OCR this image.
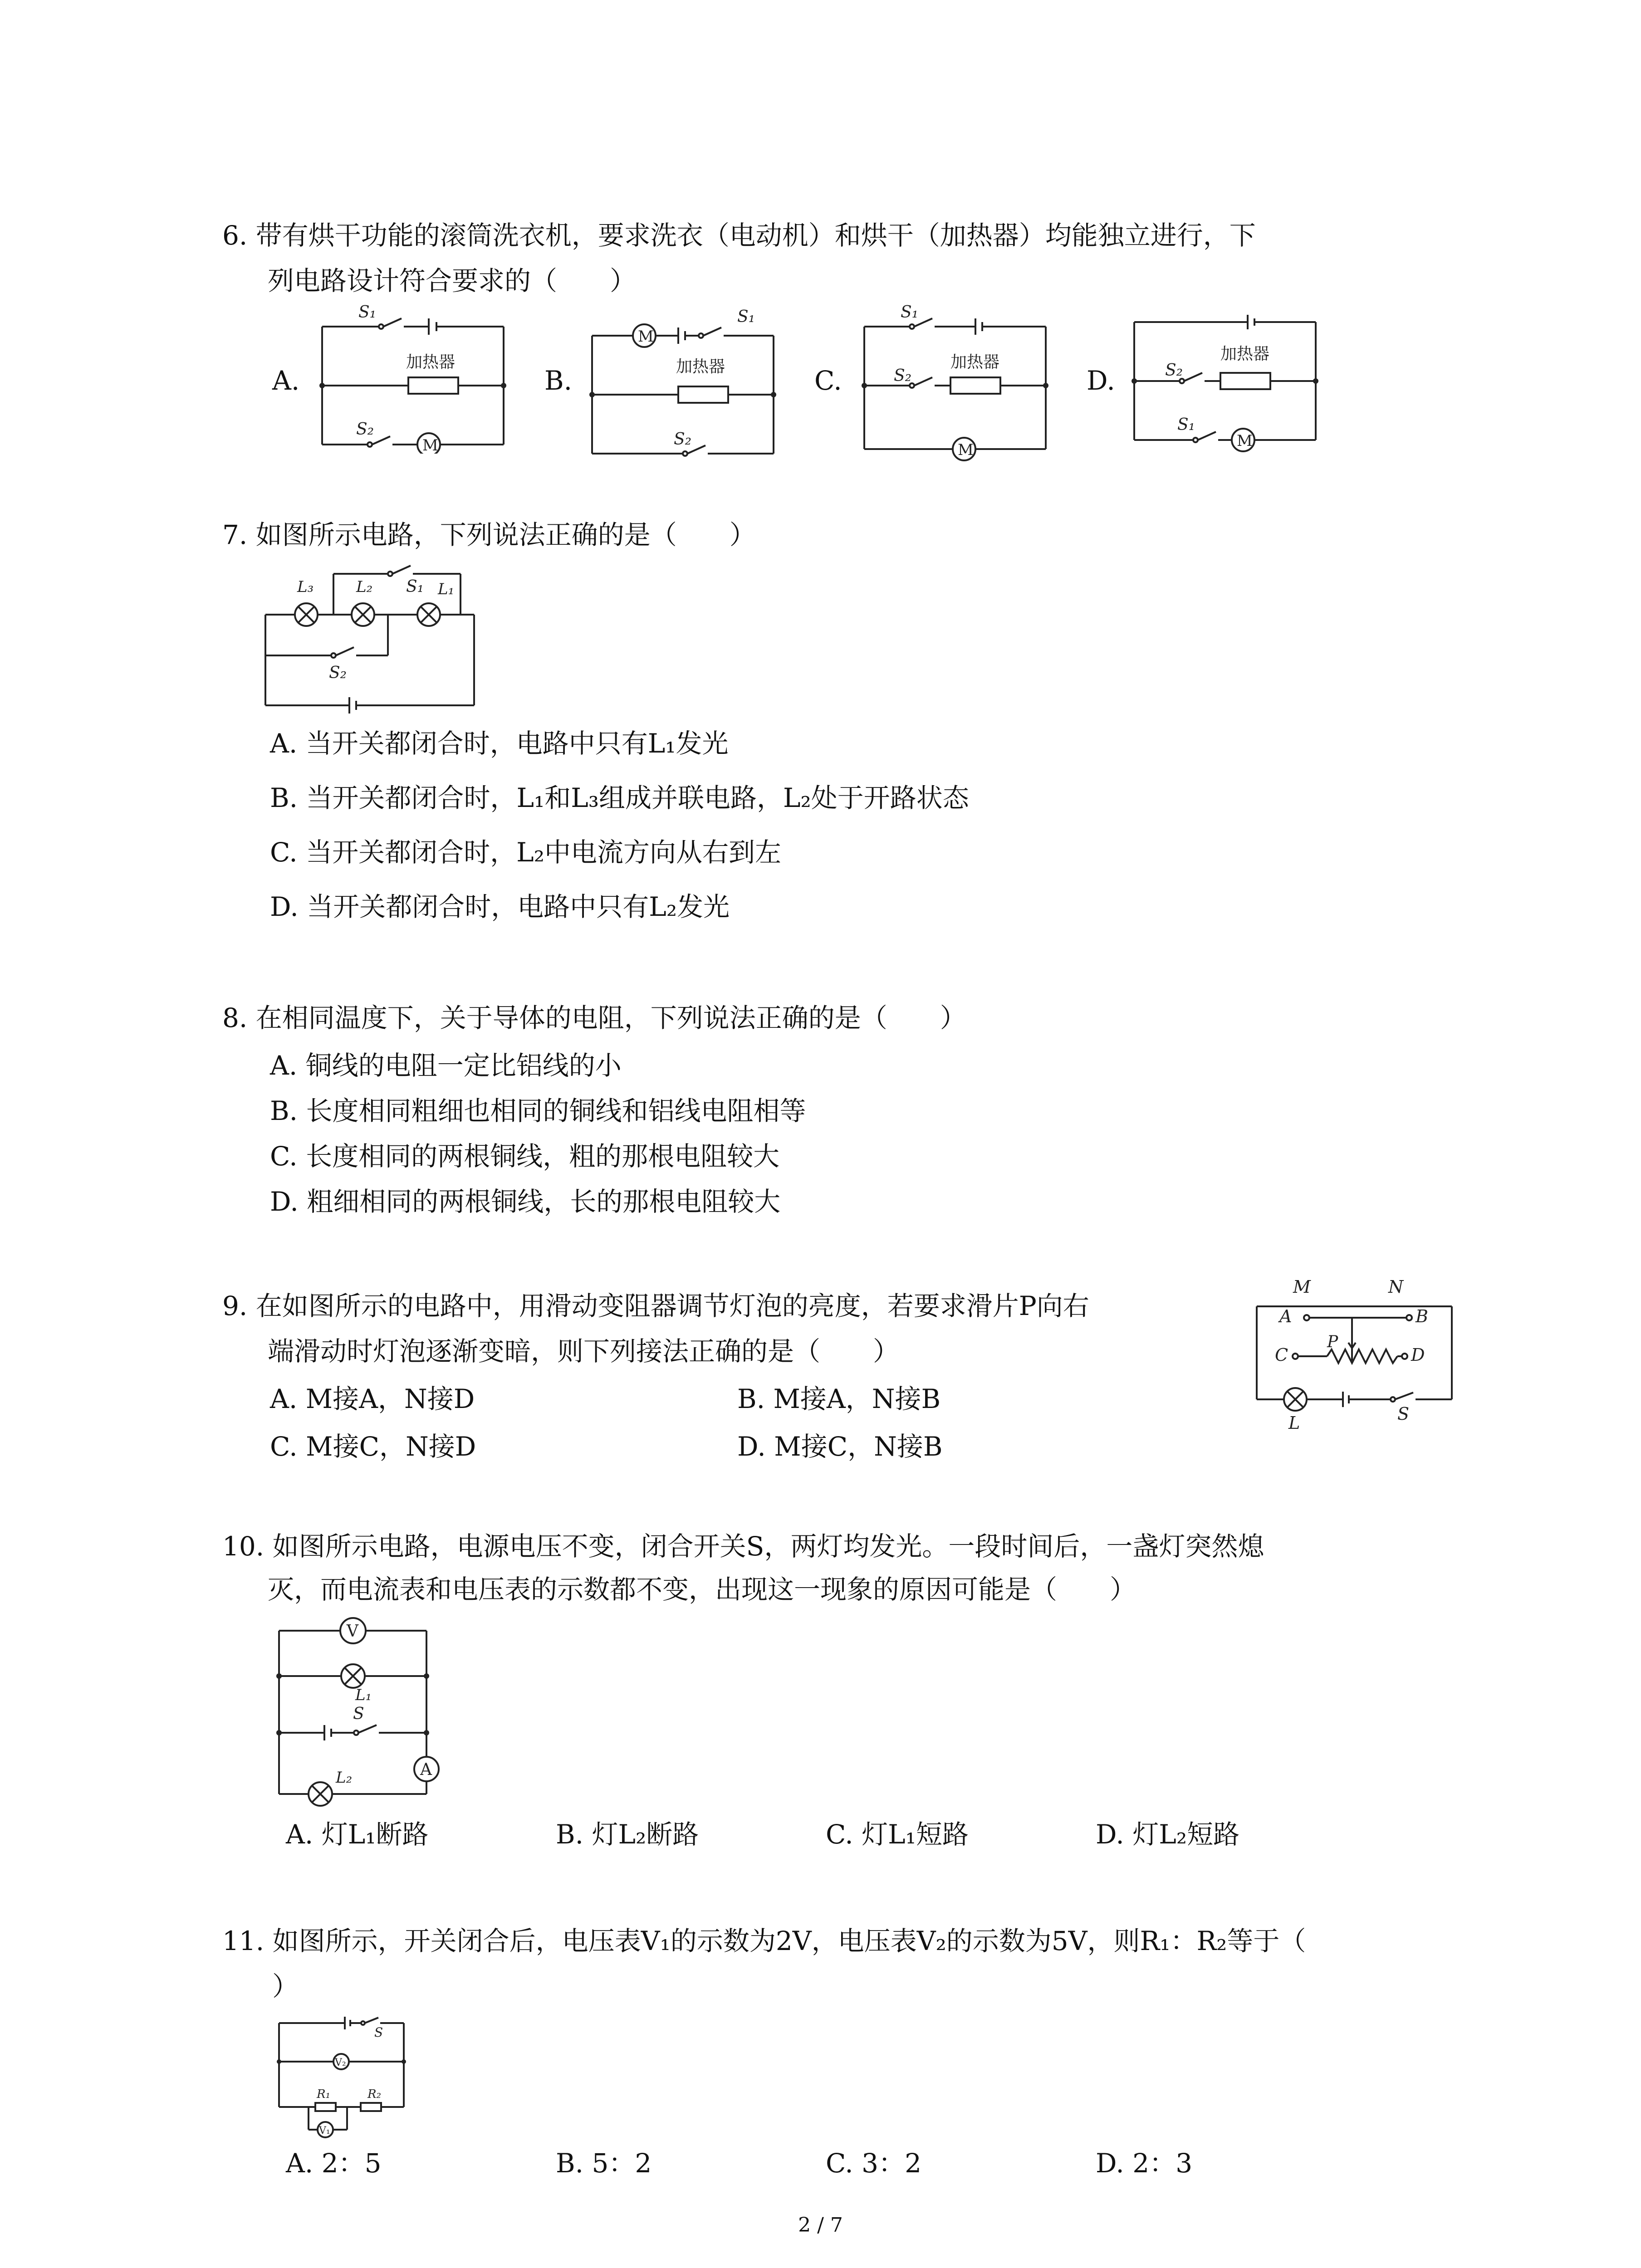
6. 带有烘干功能的滚筒洗衣机，要求洗衣（电动机）和烘干（加热器）均能独立进行，下
列电路设计符合要求的（　　）
A.
S₁
加热器
M
S₂
B.
M
S₁
加热器
S₂
C.
S₁
S₂
加热器
M
D.	S₂
加热器
M
S₁
7. 如图所示电路，下列说法正确的是（　　）
S₁
L₃	L₂	L₁
S₂
A. 当开关都闭合时，电路中只有L₁发光
B. 当开关都闭合时，L₁和L₃组成并联电路，L₂处于开路状态
C. 当开关都闭合时，L₂中电流方向从右到左
D. 当开关都闭合时，电路中只有L₂发光
8. 在相同温度下，关于导体的电阻，下列说法正确的是（　　）
A. 铜线的电阻一定比铝线的小
B. 长度相同粗细也相同的铜线和铝线电阻相等
C. 长度相同的两根铜线，粗的那根电阻较大
D. 粗细相同的两根铜线，长的那根电阻较大
9. 在如图所示的电路中，用滑动变阻器调节灯泡的亮度，若要求滑片P向右
端滑动时灯泡逐渐变暗，则下列接法正确的是（　　）
A. M接A，N接D	B. M接A，N接B
C. M接C，N接D	D. M接C，N接B
M	N
A	B
C	D
P
L	S
10. 如图所示电路，电源电压不变，闭合开关S，两灯均发光。一段时间后，一盏灯突然熄
灭，而电流表和电压表的示数都不变，出现这一现象的原因可能是（　　）
V
L₁
S
L₂	A
A. 灯L₁断路	B. 灯L₂断路	C. 灯L₁短路	D. 灯L₂短路
11. 如图所示，开关闭合后，电压表V₁的示数为2V，电压表V₂的示数为5V，则R₁：R₂等于（
）
S
V₂
R₁	R₂
V₁
A. 2：5	B. 5：2	C. 3：2	D. 2：3
2 / 7
